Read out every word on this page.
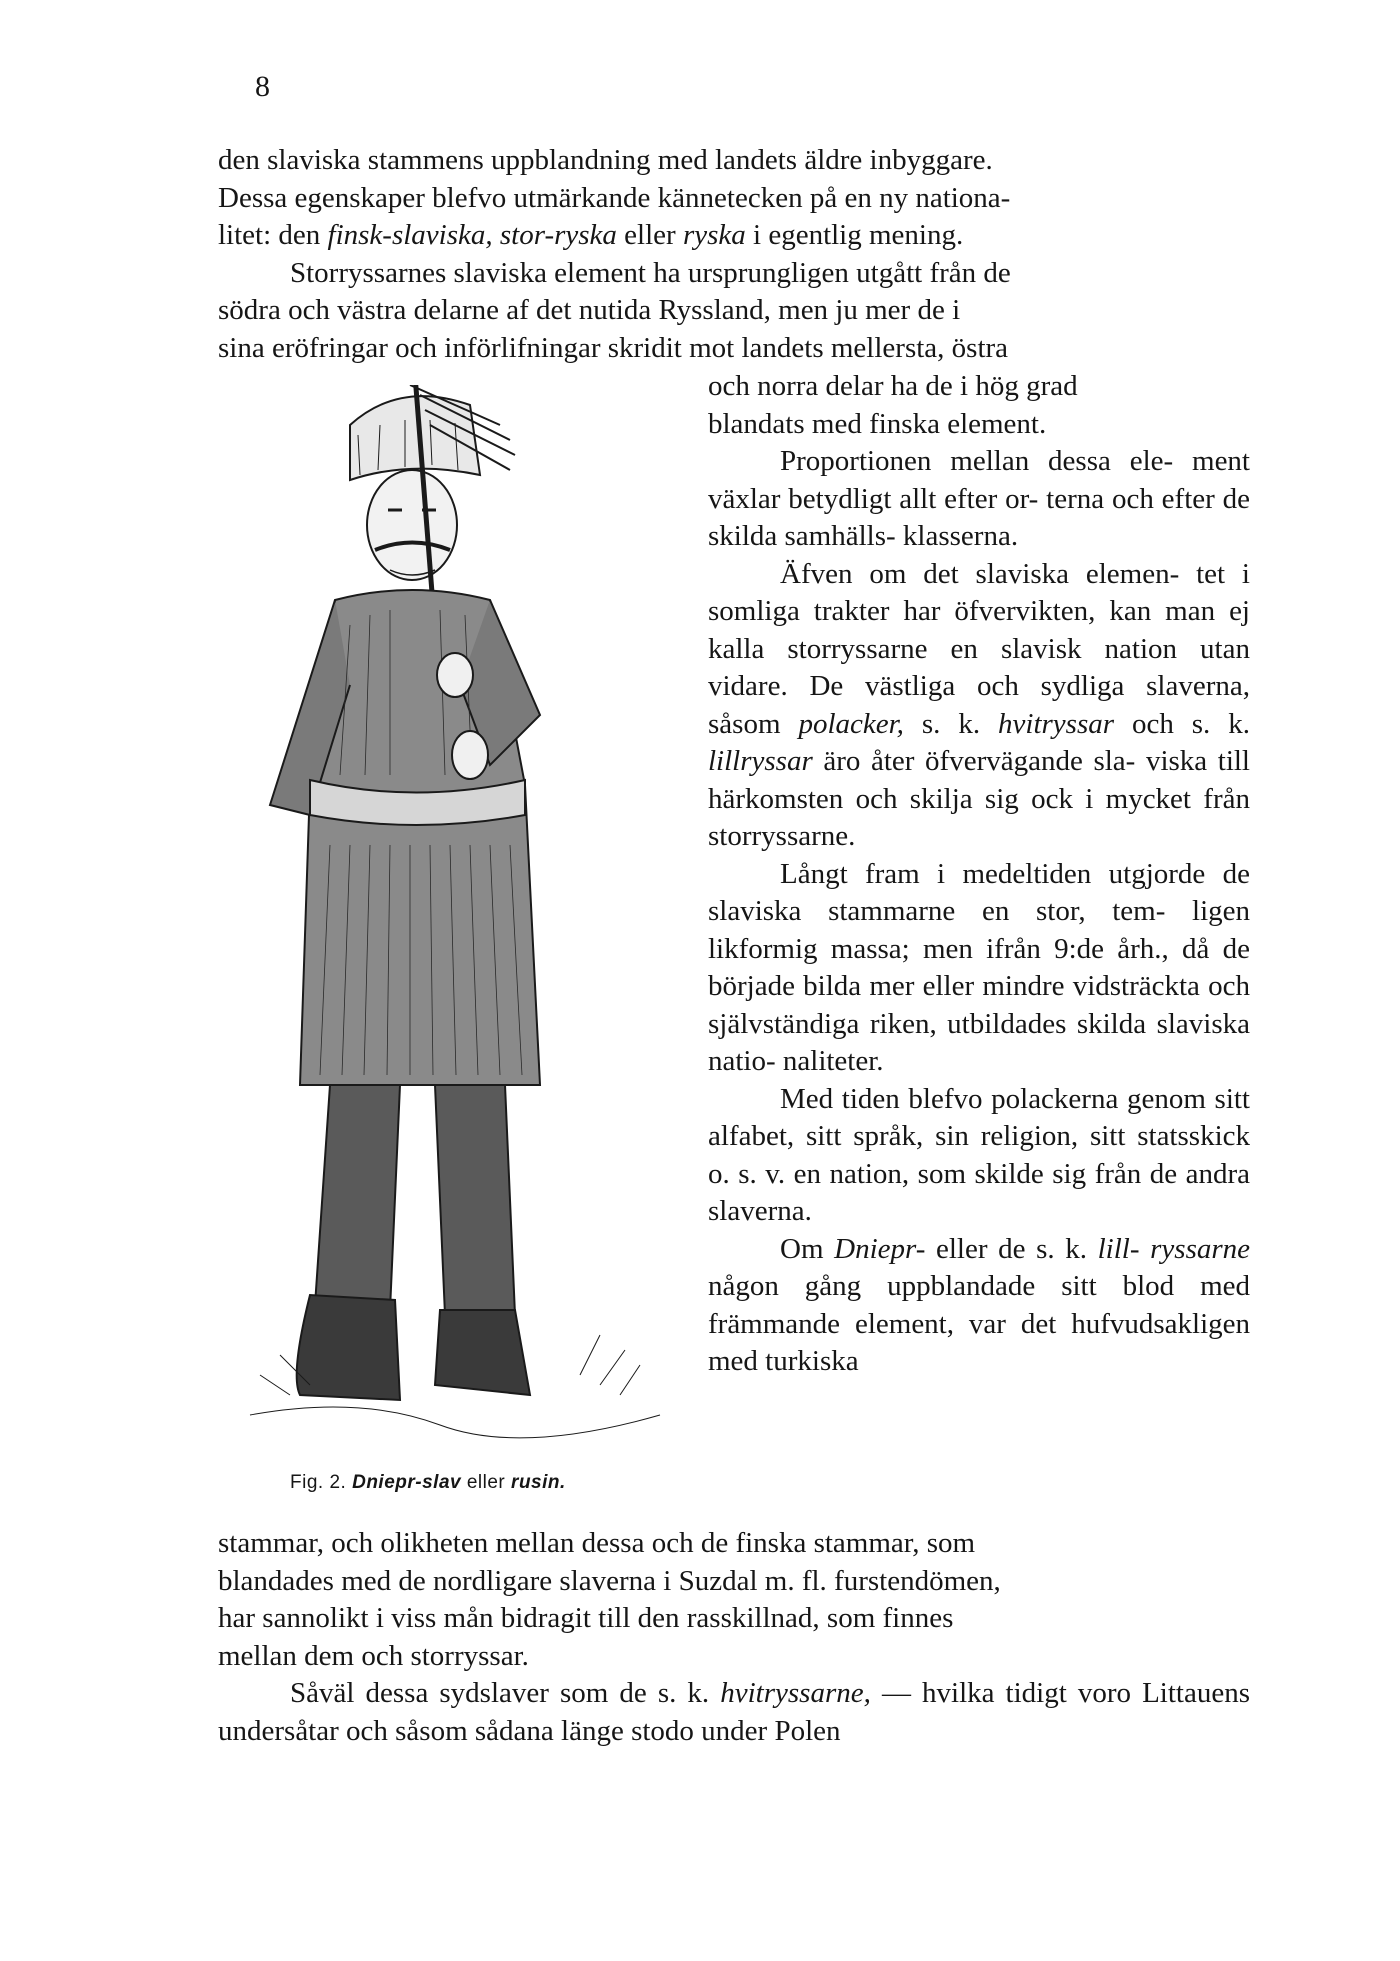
8

den slaviska stammens uppblandning med landets äldre inbyggare.

Dessa egenskaper blefvo utmärkande kännetecken på en ny nationa-

litet: den finsk-slaviska, stor-ryska eller ryska i egentlig mening.

Storryssarnes slaviska element ha ursprungligen utgått från de

södra och västra delarne af det nutida Ryssland, men ju mer de i

sina eröfringar och införlifningar skridit mot landets mellersta, östra

Fig. 2. Dniepr-slav eller rusin.

och norra delar ha de i hög grad

blandats med finska element.

Proportionen mellan dessa ele- ment växlar betydligt allt efter or- terna och efter de skilda samhälls- klasserna.

Äfven om det slaviska elemen- tet i somliga trakter har öfvervikten, kan man ej kalla storryssarne en slavisk nation utan vidare. De västliga och sydliga slaverna, såsom polacker, s. k. hvitryssar och s. k. lillryssar äro åter öfvervägande sla- viska till härkomsten och skilja sig ock i mycket från storryssarne.

Långt fram i medeltiden utgjorde de slaviska stammarne en stor, tem- ligen likformig massa; men ifrån 9:de årh., då de började bilda mer eller mindre vidsträckta och självständiga riken, utbildades skilda slaviska natio- naliteter.

Med tiden blefvo polackerna genom sitt alfabet, sitt språk, sin religion, sitt statsskick o. s. v. en nation, som skilde sig från de andra slaverna.

Om Dniepr- eller de s. k. lill- ryssarne någon gång uppblandade sitt blod med främmande element, var det hufvudsakligen med turkiska

stammar, och olikheten mellan dessa och de finska stammar, som

blandades med de nordligare slaverna i Suzdal m. fl. furstendömen,

har sannolikt i viss mån bidragit till den rasskillnad, som finnes

mellan dem och storryssar.

Såväl dessa sydslaver som de s. k. hvitryssarne, — hvilka tidigt voro Littauens undersåtar och såsom sådana länge stodo under Polen
